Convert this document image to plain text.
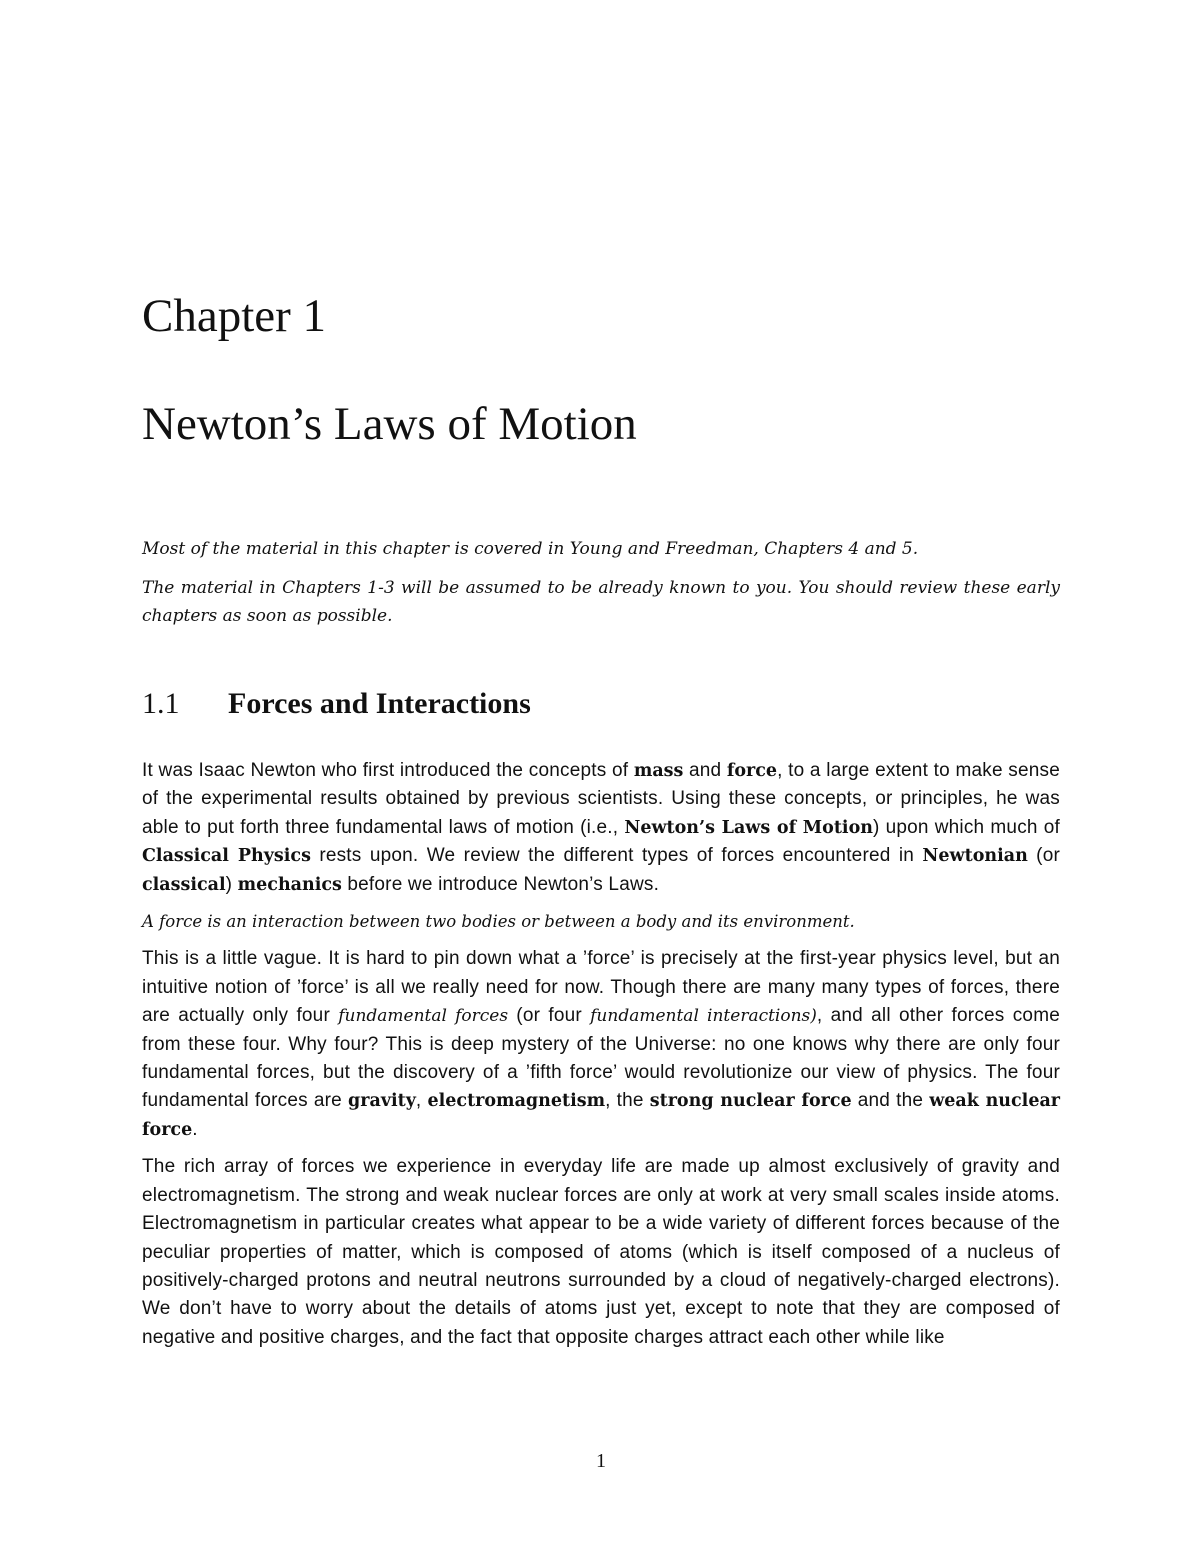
Chapter 1
Newton’s Laws of Motion

Most of the material in this chapter is covered in Young and Freedman, Chapters 4 and 5.

The material in Chapters 1-3 will be assumed to be already known to you. You should review these early chapters as soon as possible.

1.1 Forces and Interactions

It was Isaac Newton who first introduced the concepts of mass and force, to a large extent to make sense of the experimental results obtained by previous scientists. Using these concepts, or principles, he was able to put forth three fundamental laws of motion (i.e., Newton’s Laws of Motion) upon which much of Classical Physics rests upon. We review the different types of forces encountered in Newtonian (or classical) mechanics before we introduce Newton’s Laws.

A force is an interaction between two bodies or between a body and its environment.

This is a little vague. It is hard to pin down what a ’force’ is precisely at the first-year physics level, but an intuitive notion of ’force’ is all we really need for now. Though there are many many types of forces, there are actually only four fundamental forces (or four fundamental interactions), and all other forces come from these four. Why four? This is deep mystery of the Universe: no one knows why there are only four fundamental forces, but the discovery of a ’fifth force’ would revolutionize our view of physics. The four fundamental forces are gravity, electromagnetism, the strong nuclear force and the weak nuclear force.

The rich array of forces we experience in everyday life are made up almost exclusively of gravity and electromagnetism. The strong and weak nuclear forces are only at work at very small scales inside atoms. Electromagnetism in particular creates what appear to be a wide variety of different forces because of the peculiar properties of matter, which is composed of atoms (which is itself composed of a nucleus of positively-charged protons and neutral neutrons surrounded by a cloud of negatively-charged electrons). We don’t have to worry about the details of atoms just yet, except to note that they are composed of negative and positive charges, and the fact that opposite charges attract each other while like

1
